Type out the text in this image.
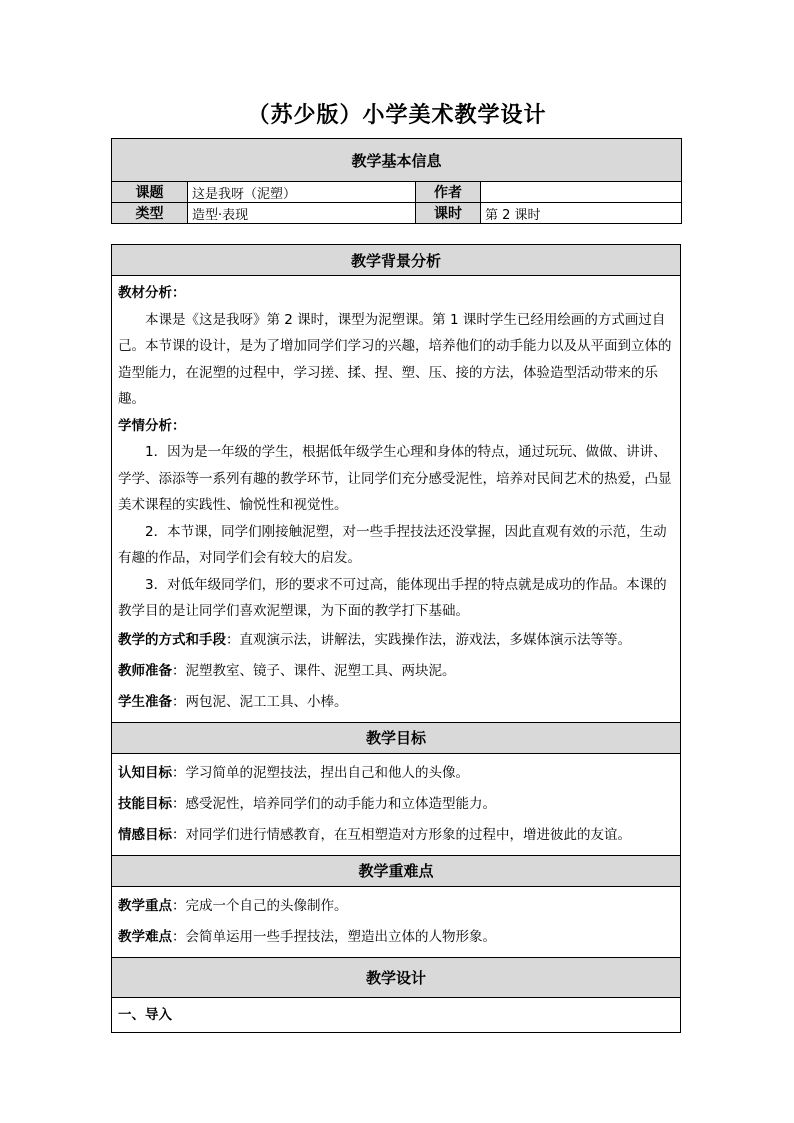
（苏少版）小学美术教学设计
教学基本信息			
课题	这是我呀（泥塑）	作者	
类型	造型·表现	课时	第 2 课时
教学背景分析

教材分析：

本课是《这是我呀》第 2 课时，课型为泥塑课。第 1 课时学生已经用绘画的方式画过自己。本节课的设计，是为了增加同学们学习的兴趣，培养他们的动手能力以及从平面到立体的造型能力，在泥塑的过程中，学习搓、揉、捏、塑、压、接的方法，体验造型活动带来的乐趣。

学情分析：

1．因为是一年级的学生，根据低年级学生心理和身体的特点，通过玩玩、做做、讲讲、学学、添添等一系列有趣的教学环节，让同学们充分感受泥性，培养对民间艺术的热爱，凸显美术课程的实践性、愉悦性和视觉性。

2．本节课，同学们刚接触泥塑，对一些手捏技法还没掌握，因此直观有效的示范，生动有趣的作品，对同学们会有较大的启发。

3．对低年级同学们，形的要求不可过高，能体现出手捏的特点就是成功的作品。本课的教学目的是让同学们喜欢泥塑课，为下面的教学打下基础。

教学的方式和手段：直观演示法，讲解法，实践操作法，游戏法，多媒体演示法等等。
教师准备：泥塑教室、镜子、课件、泥塑工具、两块泥。
学生准备：两包泥、泥工工具、小棒。

教学目标

认知目标：学习简单的泥塑技法，捏出自己和他人的头像。
技能目标：感受泥性，培养同学们的动手能力和立体造型能力。
情感目标：对同学们进行情感教育，在互相塑造对方形象的过程中，增进彼此的友谊。

教学重难点

教学重点：完成一个自己的头像制作。
教学难点：会简单运用一些手捏技法，塑造出立体的人物形象。

教学设计
一、导入
